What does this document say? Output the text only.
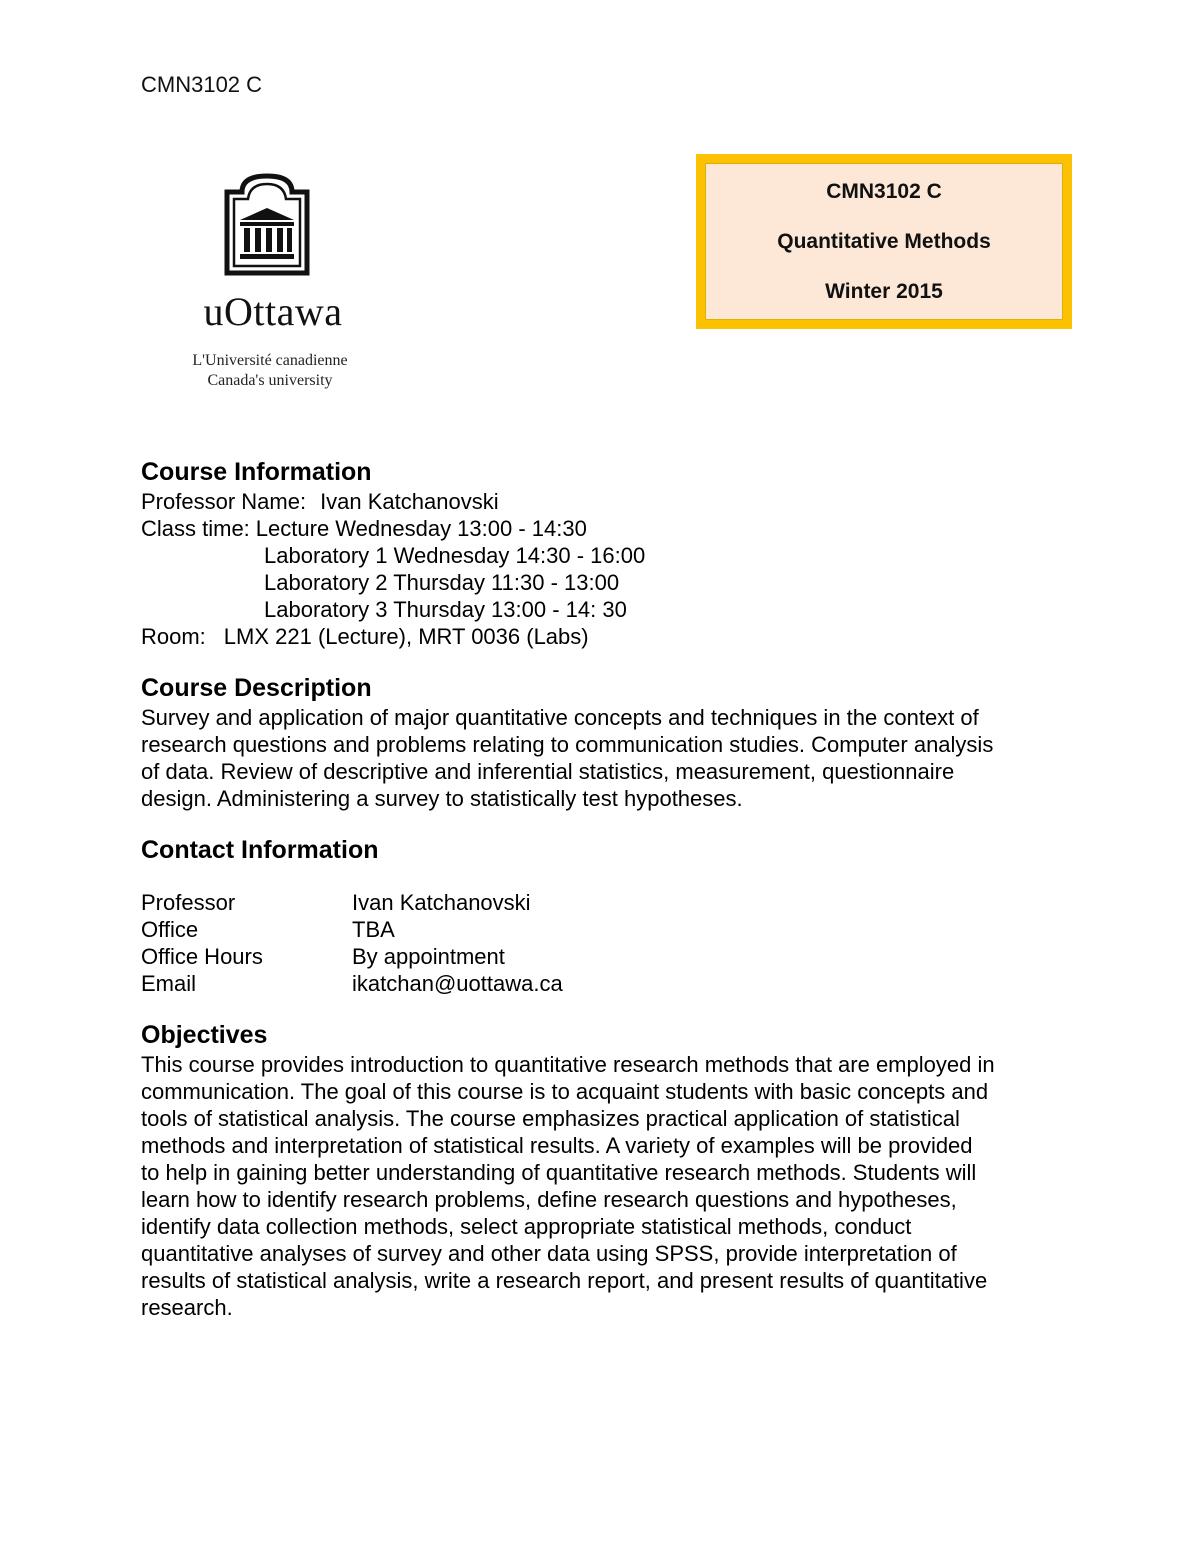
CMN3102 C
uOttawa
L'Université canadienne
Canada's university
CMN3102 C
Quantitative Methods
Winter 2015
Course Information
Professor Name: Ivan Katchanovski
Class time: Lecture Wednesday 13:00 - 14:30
Laboratory 1 Wednesday 14:30 - 16:00
Laboratory 2 Thursday 11:30 - 13:00
Laboratory 3 Thursday 13:00 - 14: 30
Room: LMX 221 (Lecture), MRT 0036 (Labs)
Course Description
Survey and application of major quantitative concepts and techniques in the context of
research questions and problems relating to communication studies. Computer analysis
of data. Review of descriptive and inferential statistics, measurement, questionnaire
design. Administering a survey to statistically test hypotheses.
Contact Information
Professor	Ivan Katchanovski
Office	TBA
Office Hours	By appointment
Email	ikatchan@uottawa.ca
Objectives
This course provides introduction to quantitative research methods that are employed in
communication. The goal of this course is to acquaint students with basic concepts and
tools of statistical analysis. The course emphasizes practical application of statistical
methods and interpretation of statistical results. A variety of examples will be provided
to help in gaining better understanding of quantitative research methods. Students will
learn how to identify research problems, define research questions and hypotheses,
identify data collection methods, select appropriate statistical methods, conduct
quantitative analyses of survey and other data using SPSS, provide interpretation of
results of statistical analysis, write a research report, and present results of quantitative
research.
